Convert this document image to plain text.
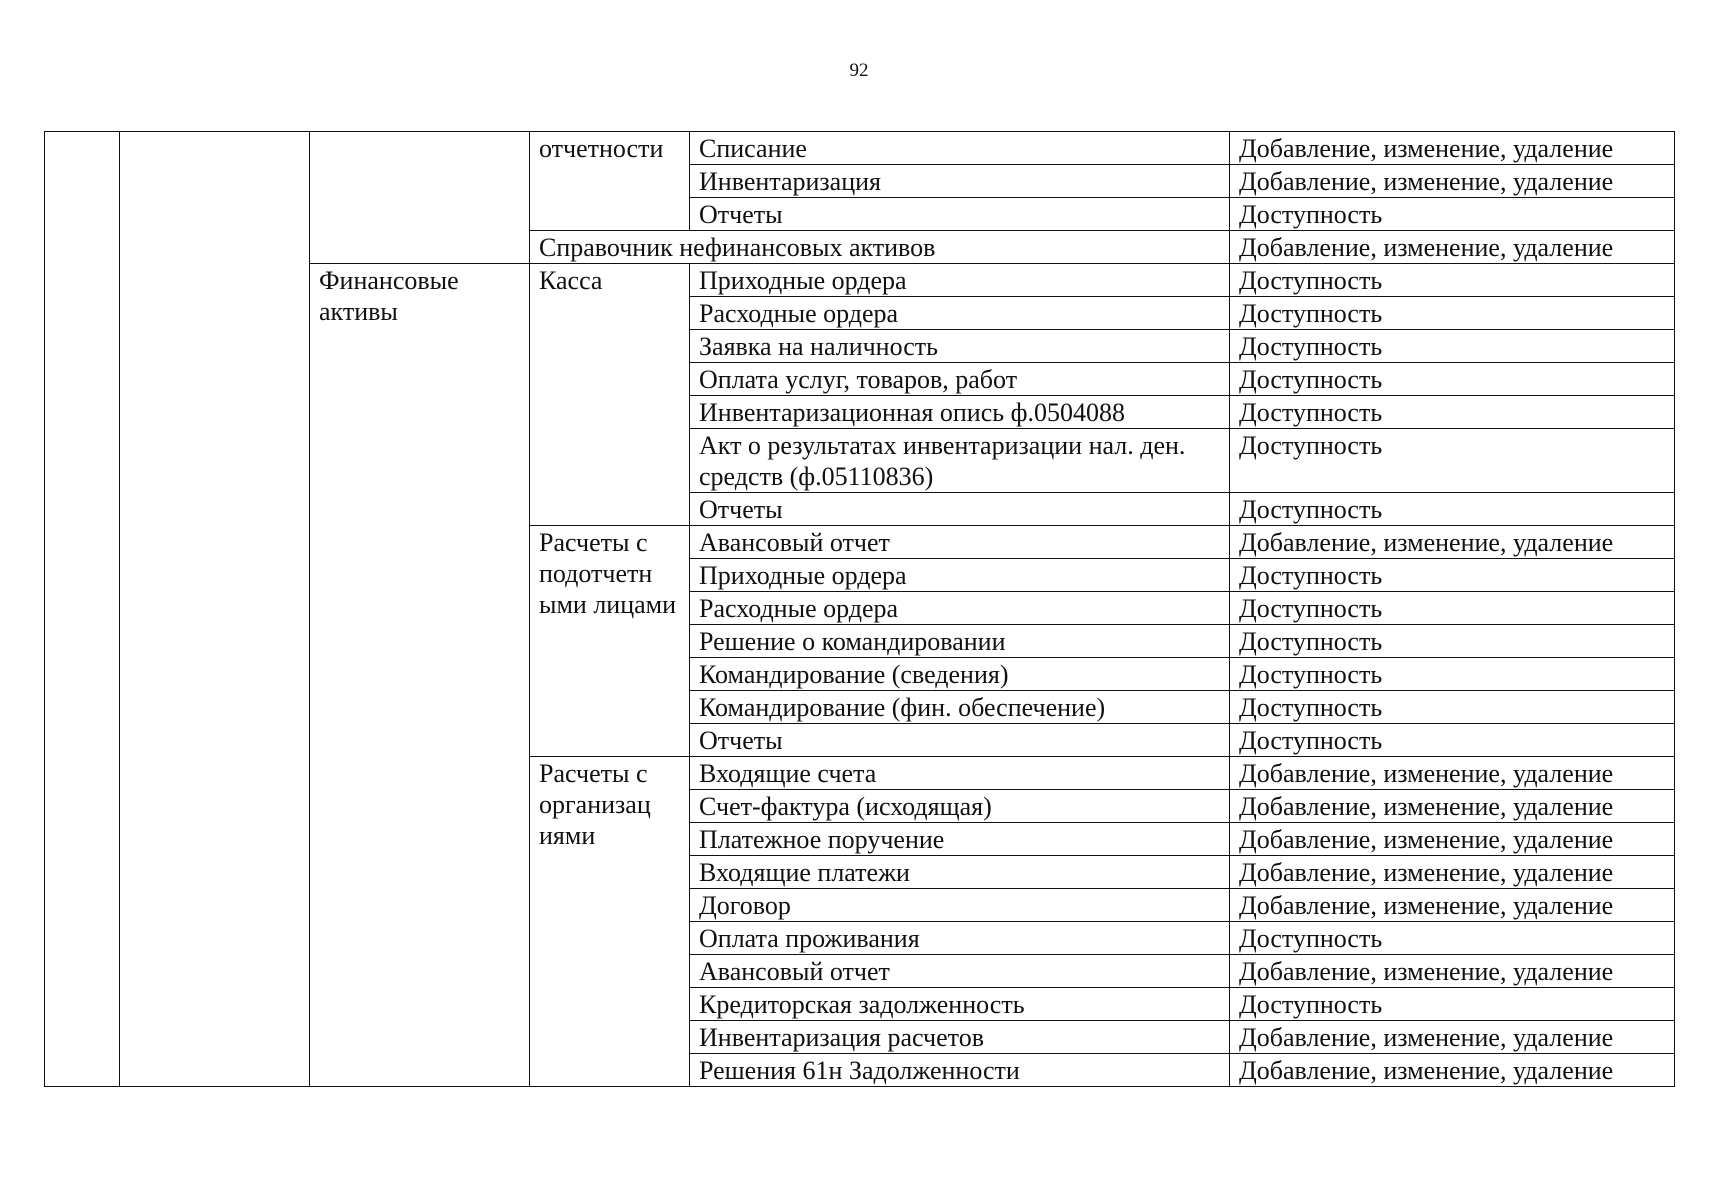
92
			отчетности	Списание	Добавление, изменение, удаление
				Инвентаризация	Добавление, изменение, удаление
				Отчеты	Доступность
			Справочник нефинансовых активов		Добавление, изменение, удаление
		Финансовые активы	Касса	Приходные ордера	Доступность
				Расходные ордера	Доступность
				Заявка на наличность	Доступность
				Оплата услуг, товаров, работ	Доступность
				Инвентаризационная опись ф.0504088	Доступность
				Акт о результатах инвентаризации нал. ден. средств (ф.05110836)	Доступность
				Отчеты	Доступность
			Расчеты с подотчетн ыми лицами	Авансовый отчет	Добавление, изменение, удаление
				Приходные ордера	Доступность
				Расходные ордера	Доступность
				Решение о командировании	Доступность
				Командирование (сведения)	Доступность
				Командирование (фин. обеспечение)	Доступность
				Отчеты	Доступность
			Расчеты с организац иями	Входящие счета	Добавление, изменение, удаление
				Счет-фактура (исходящая)	Добавление, изменение, удаление
				Платежное поручение	Добавление, изменение, удаление
				Входящие платежи	Добавление, изменение, удаление
				Договор	Добавление, изменение, удаление
				Оплата проживания	Доступность
				Авансовый отчет	Добавление, изменение, удаление
				Кредиторская задолженность	Доступность
				Инвентаризация расчетов	Добавление, изменение, удаление
				Решения 61н Задолженности	Добавление, изменение, удаление
